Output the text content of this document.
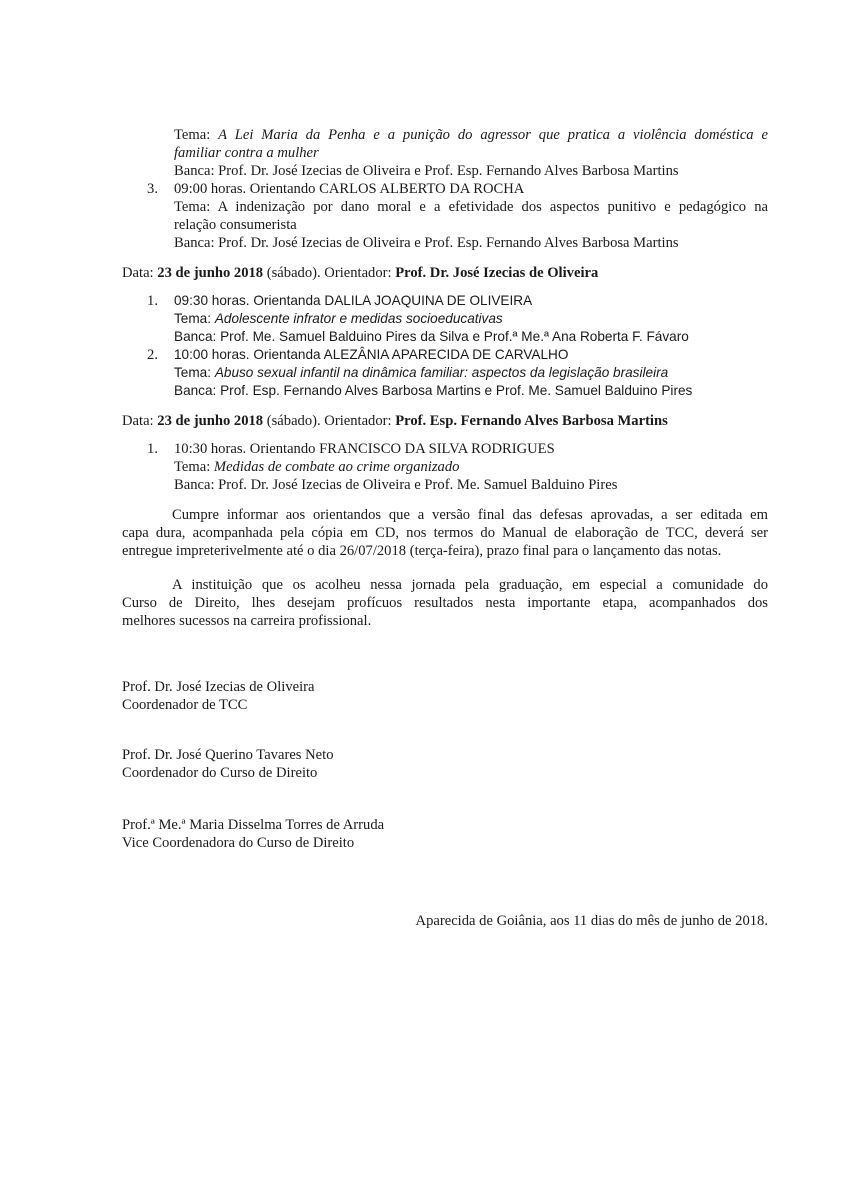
Tema: A Lei Maria da Penha e a punição do agressor que pratica a violência doméstica e
familiar contra a mulher
Banca: Prof. Dr. José Izecias de Oliveira e Prof. Esp. Fernando Alves Barbosa Martins
3. 09:00 horas. Orientando CARLOS ALBERTO DA ROCHA
Tema: A indenização por dano moral e a efetividade dos aspectos punitivo e pedagógico na
relação consumerista
Banca: Prof. Dr. José Izecias de Oliveira e Prof. Esp. Fernando Alves Barbosa Martins
Data: 23 de junho 2018 (sábado). Orientador: Prof. Dr. José Izecias de Oliveira
1. 09:30 horas. Orientanda DALILA JOAQUINA DE OLIVEIRA
Tema: Adolescente infrator e medidas socioeducativas
Banca: Prof. Me. Samuel Balduino Pires da Silva e Prof.ª Me.ª Ana Roberta F. Fávaro
2. 10:00 horas. Orientanda ALEZÂNIA APARECIDA DE CARVALHO
Tema: Abuso sexual infantil na dinâmica familiar: aspectos da legislação brasileira
Banca: Prof. Esp. Fernando Alves Barbosa Martins e Prof. Me. Samuel Balduino Pires
Data: 23 de junho 2018 (sábado). Orientador: Prof. Esp. Fernando Alves Barbosa Martins
1. 10:30 horas. Orientando FRANCISCO DA SILVA RODRIGUES
Tema: Medidas de combate ao crime organizado
Banca: Prof. Dr. José Izecias de Oliveira e Prof. Me. Samuel Balduino Pires
Cumpre informar aos orientandos que a versão final das defesas aprovadas, a ser editada em
capa dura, acompanhada pela cópia em CD, nos termos do Manual de elaboração de TCC, deverá ser
entregue impreterivelmente até o dia 26/07/2018 (terça-feira), prazo final para o lançamento das notas.
A instituição que os acolheu nessa jornada pela graduação, em especial a comunidade do
Curso de Direito, lhes desejam profícuos resultados nesta importante etapa, acompanhados dos
melhores sucessos na carreira profissional.
Prof. Dr. José Izecias de Oliveira
Coordenador de TCC
Prof. Dr. José Querino Tavares Neto
Coordenador do Curso de Direito
Prof.ª Me.ª Maria Disselma Torres de Arruda
Vice Coordenadora do Curso de Direito
Aparecida de Goiânia, aos 11 dias do mês de junho de 2018.
